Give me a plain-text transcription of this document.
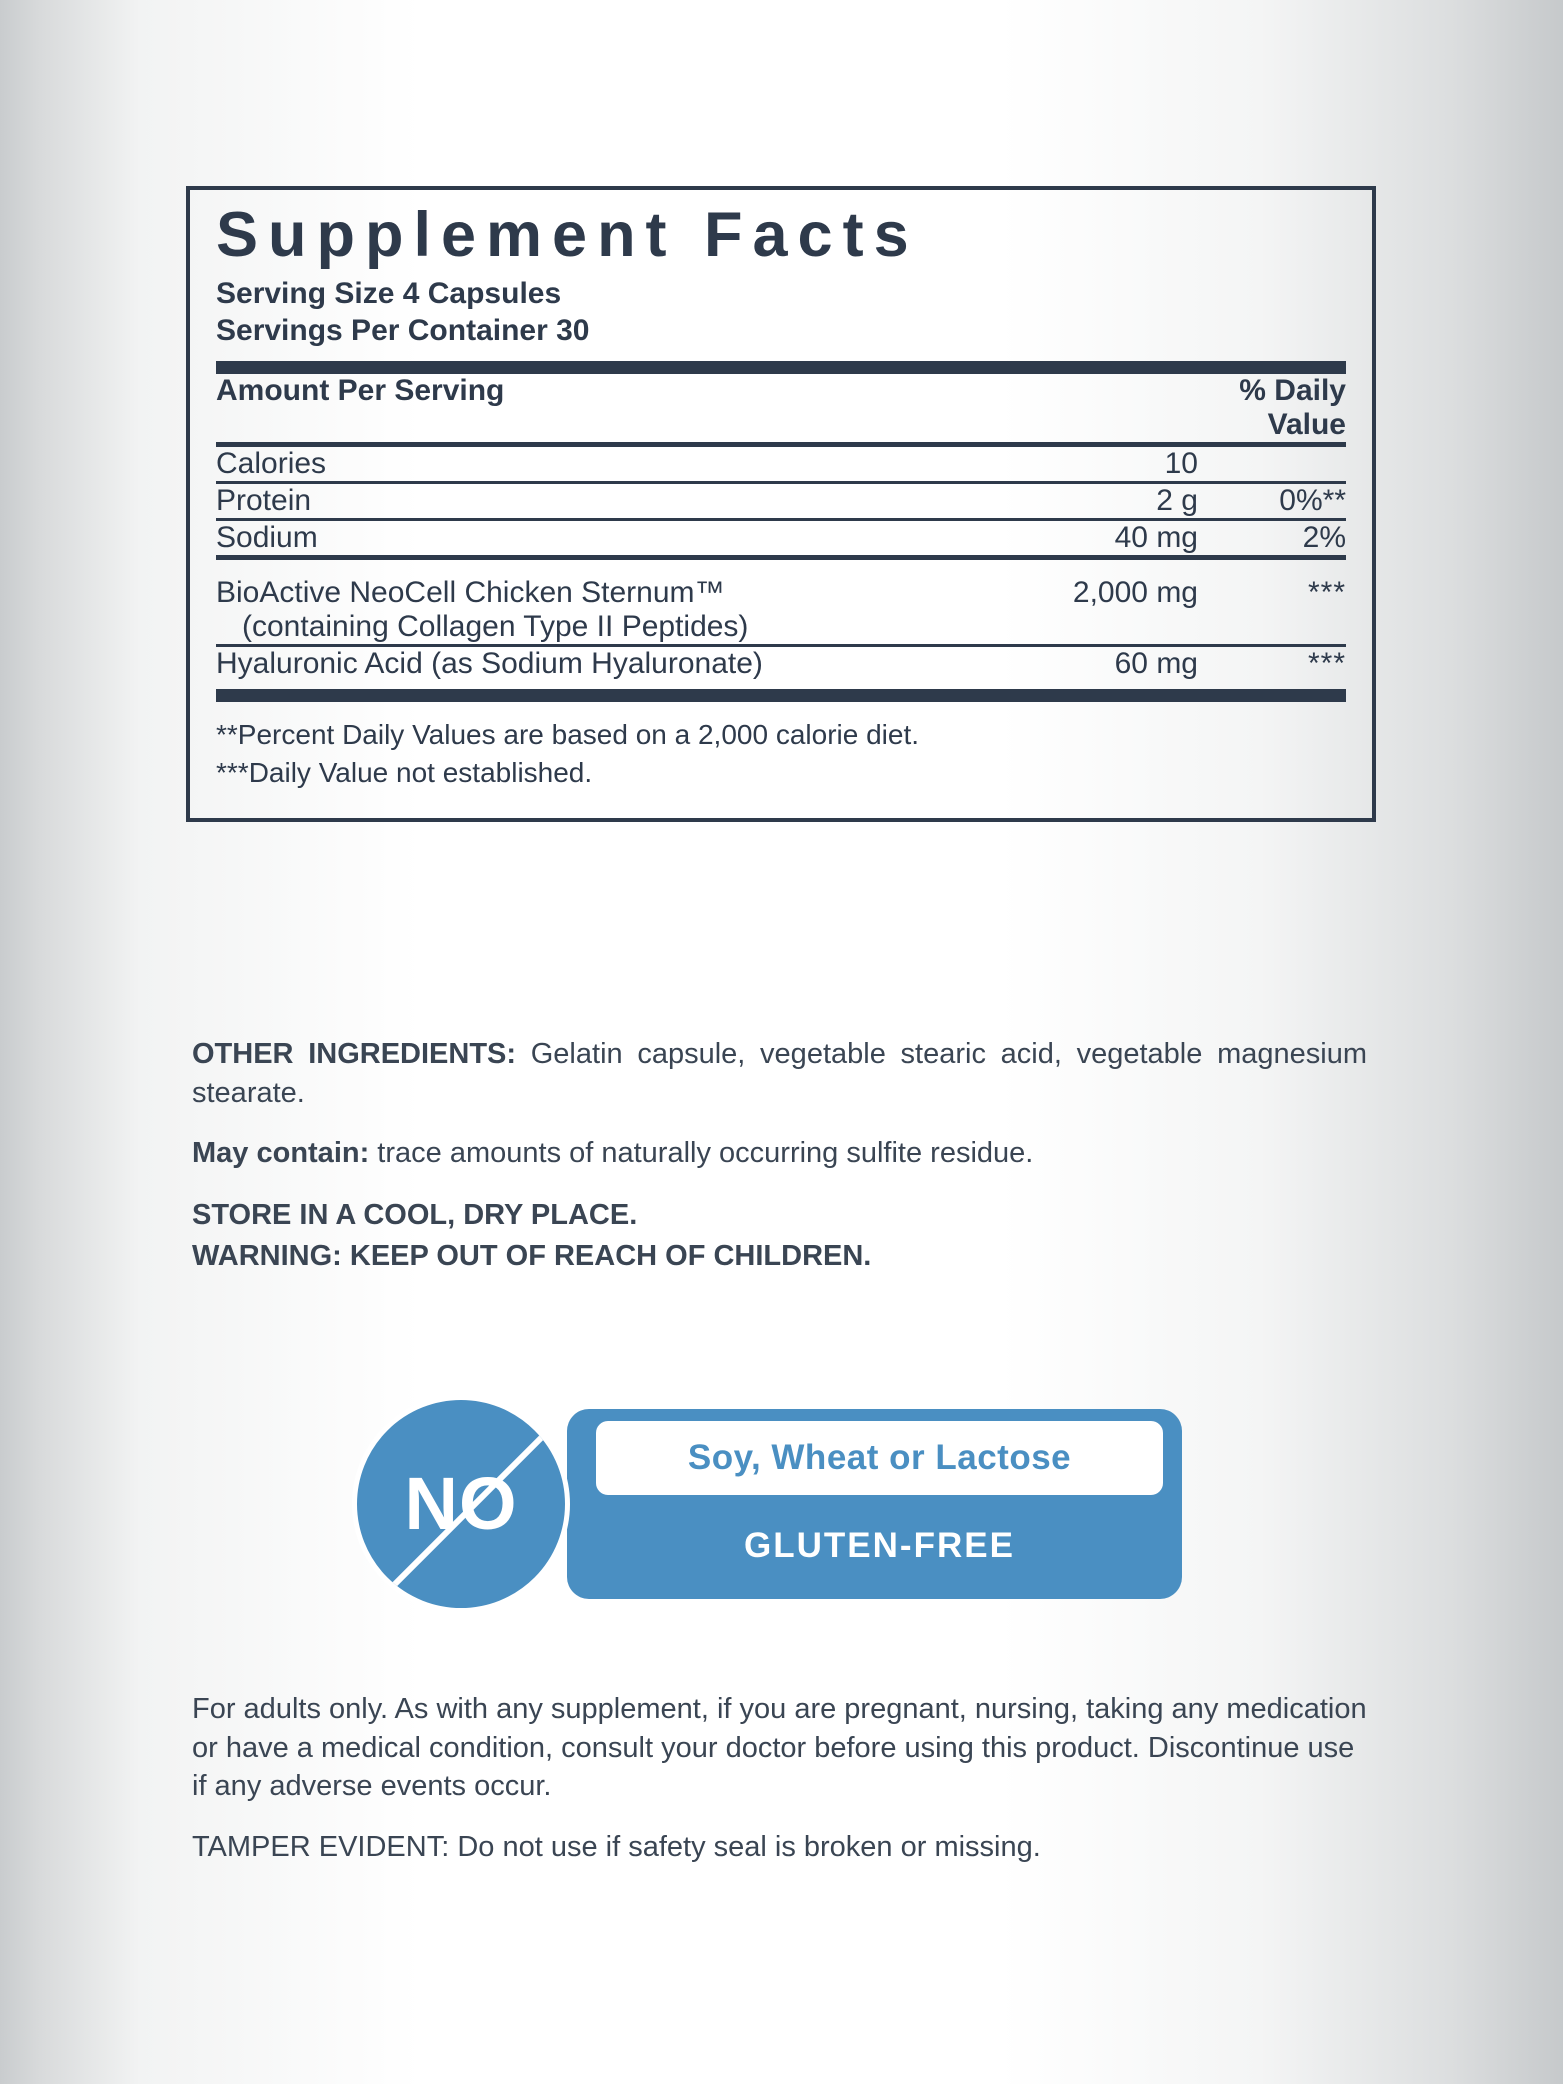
Supplement Facts
Serving Size 4 Capsules
Servings Per Container 30
Amount Per Serving		% Daily Value

Calories	10	

Protein	2 g	0%**

Sodium	40 mg	2%

BioActive NeoCell Chicken Sternum™
(containing Collagen Type II Peptides)	2,000 mg	***

Hyaluronic Acid (as Sodium Hyaluronate)	60 mg	***
**Percent Daily Values are based on a 2,000 calorie diet.
***Daily Value not established.
OTHER INGREDIENTS: Gelatin capsule, vegetable stearic acid, vegetable magnesium stearate.
May contain: trace amounts of naturally occurring sulfite residue.
STORE IN A COOL, DRY PLACE.
WARNING: KEEP OUT OF REACH OF CHILDREN.
Soy, Wheat or Lactose
GLUTEN-FREE
NO
For adults only. As with any supplement, if you are pregnant, nursing, taking any medication or have a medical condition, consult your doctor before using this product. Discontinue use if any adverse events occur.
TAMPER EVIDENT: Do not use if safety seal is broken or missing.
